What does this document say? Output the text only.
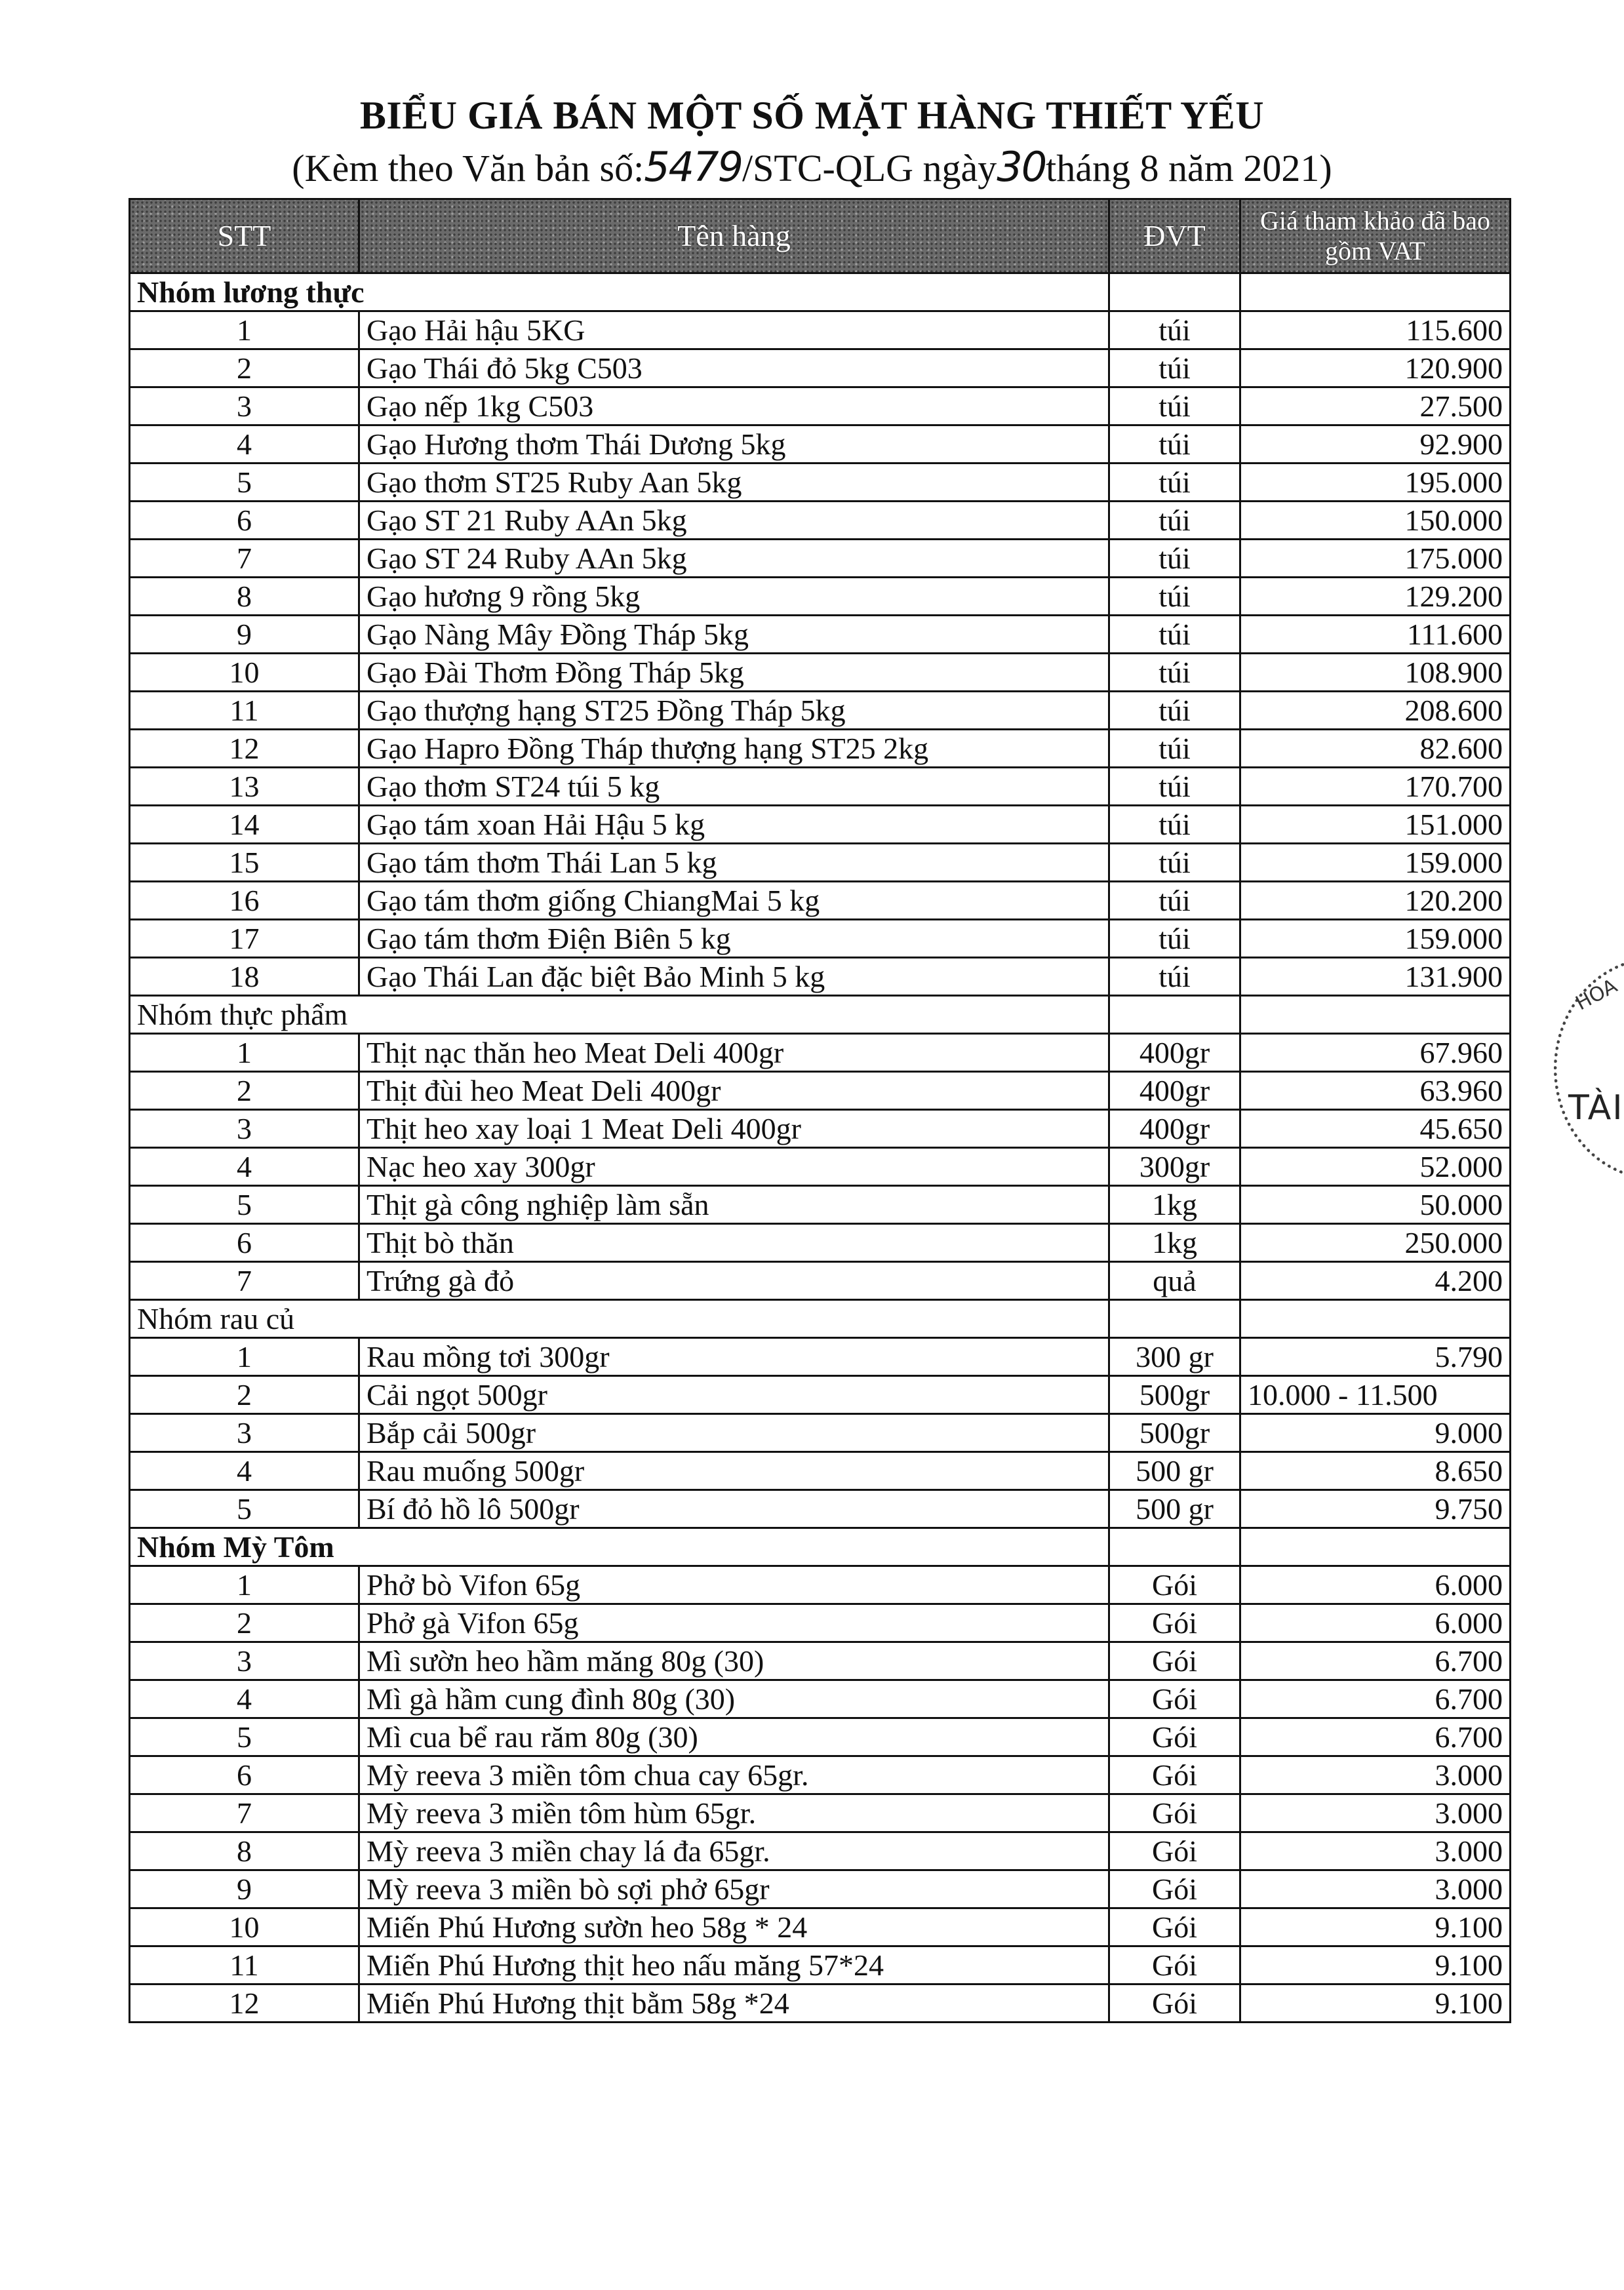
BIỂU GIÁ BÁN MỘT SỐ MẶT HÀNG THIẾT YẾU
(Kèm theo Văn bản số:5479/STC-QLG ngày30tháng 8 năm 2021)
STT	Tên hàng	ĐVT	Giá tham khảo đã bao gồm VAT
Nhóm lương thực			
1	Gạo Hải hậu 5KG	túi	115.600
2	Gạo Thái đỏ 5kg C503	túi	120.900
3	Gạo nếp 1kg C503	túi	27.500
4	Gạo Hương thơm Thái Dương 5kg	túi	92.900
5	Gạo thơm ST25 Ruby Aan 5kg	túi	195.000
6	Gạo ST 21 Ruby AAn 5kg	túi	150.000
7	Gạo ST 24 Ruby AAn 5kg	túi	175.000
8	Gạo hương 9 rồng 5kg	túi	129.200
9	Gạo Nàng Mây Đồng Tháp 5kg	túi	111.600
10	Gạo Đài Thơm Đồng Tháp 5kg	túi	108.900
11	Gạo thượng hạng ST25 Đồng Tháp 5kg	túi	208.600
12	Gạo Hapro Đồng Tháp thượng hạng ST25 2kg	túi	82.600
13	Gạo thơm ST24 túi 5 kg	túi	170.700
14	Gạo tám xoan Hải Hậu 5 kg	túi	151.000
15	Gạo tám thơm Thái Lan 5 kg	túi	159.000
16	Gạo tám thơm giống ChiangMai 5 kg	túi	120.200
17	Gạo tám thơm Điện Biên 5 kg	túi	159.000
18	Gạo Thái Lan đặc biệt Bảo Minh 5 kg	túi	131.900
Nhóm thực phẩm			
1	Thịt nạc thăn heo Meat Deli 400gr	400gr	67.960
2	Thịt đùi heo Meat Deli 400gr	400gr	63.960
3	Thịt heo xay loại 1 Meat Deli 400gr	400gr	45.650
4	Nạc heo xay 300gr	300gr	52.000
5	Thịt gà công nghiệp làm sẵn	1kg	50.000
6	Thịt bò thăn	1kg	250.000
7	Trứng gà đỏ	quả	4.200
Nhóm rau củ			
1	Rau mồng tơi 300gr	300 gr	5.790
2	Cải ngọt 500gr	500gr	10.000 - 11.500
3	Bắp cải 500gr	500gr	9.000
4	Rau muống 500gr	500 gr	8.650
5	Bí đỏ hồ lô 500gr	500 gr	9.750
Nhóm Mỳ Tôm			
1	Phở bò Vifon 65g	Gói	6.000
2	Phở gà Vifon 65g	Gói	6.000
3	Mì sườn heo hầm măng 80g (30)	Gói	6.700
4	Mì gà hầm cung đình 80g (30)	Gói	6.700
5	Mì cua bể rau răm 80g (30)	Gói	6.700
6	Mỳ reeva 3 miền tôm chua cay 65gr.	Gói	3.000
7	Mỳ reeva 3 miền tôm hùm 65gr.	Gói	3.000
8	Mỳ reeva 3 miền chay lá đa 65gr.	Gói	3.000
9	Mỳ reeva 3 miền bò sợi phở 65gr	Gói	3.000
10	Miến Phú Hương sườn heo 58g * 24	Gói	9.100
11	Miến Phú Hương thịt heo nấu măng 57*24	Gói	9.100
12	Miến Phú Hương thịt bằm 58g *24	Gói	9.100
HOA
TÀI
